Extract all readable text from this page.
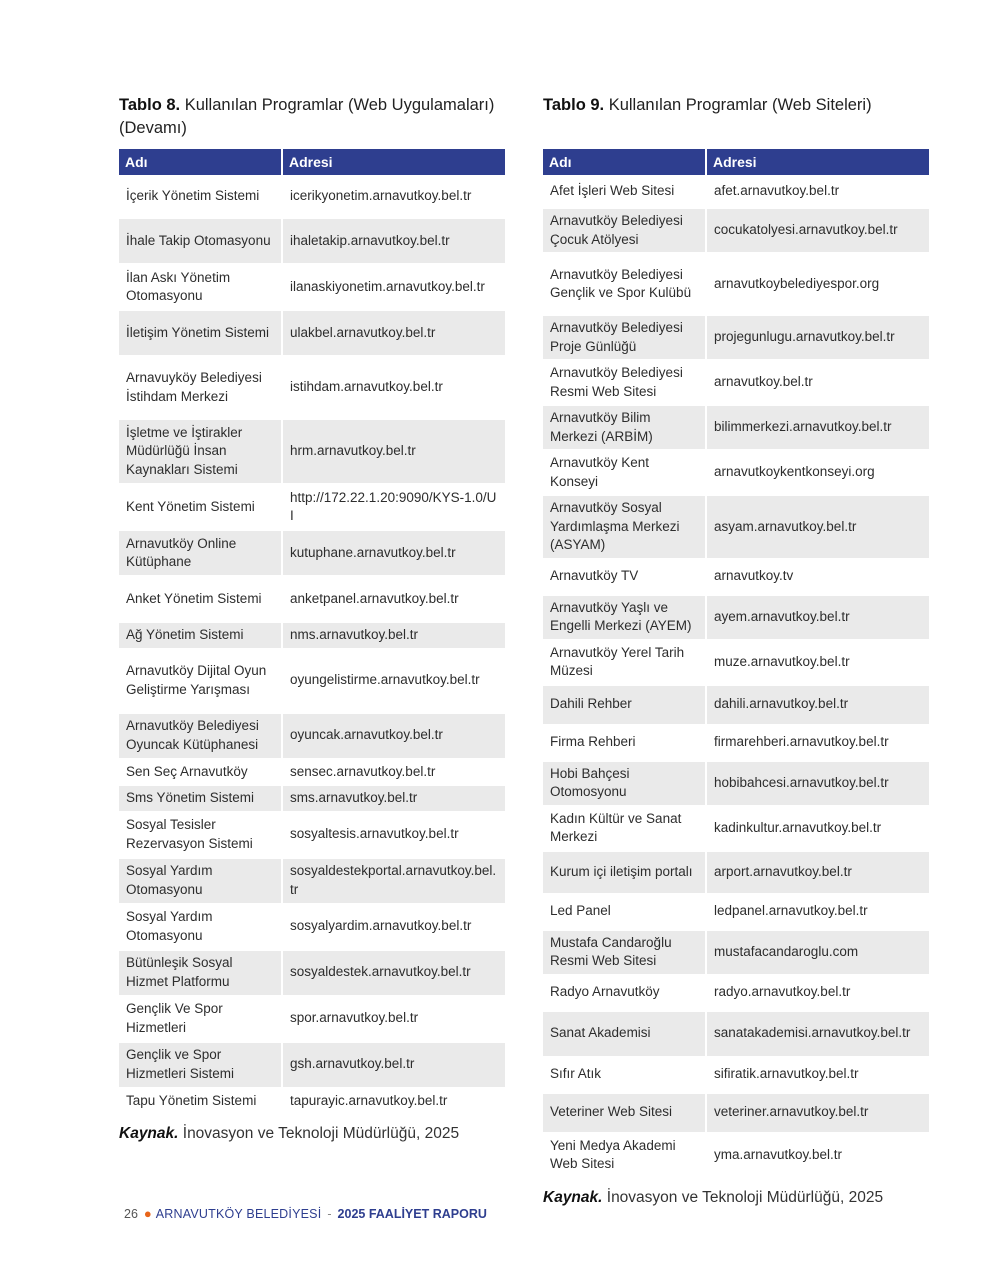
Tablo 8. Kullanılan Programlar (Web Uygulamaları) (Devamı)

Adı	Adresi
İçerik Yönetim Sistemi	icerikyonetim.arnavutkoy.bel.tr
İhale Takip Otomasyonu	ihaletakip.arnavutkoy.bel.tr
İlan Askı Yönetim Otomasyonu	ilanaskiyonetim.arnavutkoy.bel.tr
İletişim Yönetim Sistemi	ulakbel.arnavutkoy.bel.tr
Arnavuyköy Belediyesi İstihdam Merkezi	istihdam.arnavutkoy.bel.tr
İşletme ve İştirakler Müdürlüğü İnsan Kaynakları Sistemi	hrm.arnavutkoy.bel.tr
Kent Yönetim Sistemi	http://172.22.1.20:9090/KYS-1.0/UI
Arnavutköy Online Kütüphane	kutuphane.arnavutkoy.bel.tr
Anket Yönetim Sistemi	anketpanel.arnavutkoy.bel.tr
Ağ Yönetim Sistemi	nms.arnavutkoy.bel.tr
Arnavutköy Dijital Oyun Geliştirme Yarışması	oyungelistirme.arnavutkoy.bel.tr
Arnavutköy Belediyesi Oyuncak Kütüphanesi	oyuncak.arnavutkoy.bel.tr
Sen Seç Arnavutköy	sensec.arnavutkoy.bel.tr
Sms Yönetim Sistemi	sms.arnavutkoy.bel.tr
Sosyal Tesisler Rezervasyon Sistemi	sosyaltesis.arnavutkoy.bel.tr
Sosyal Yardım Otomasyonu	sosyaldestekportal.arnavutkoy.bel.tr
Sosyal Yardım Otomasyonu	sosyalyardim.arnavutkoy.bel.tr
Bütünleşik Sosyal Hizmet Platformu	sosyaldestek.arnavutkoy.bel.tr
Gençlik Ve Spor Hizmetleri	spor.arnavutkoy.bel.tr
Gençlik ve Spor Hizmetleri Sistemi	gsh.arnavutkoy.bel.tr
Tapu Yönetim Sistemi	tapurayic.arnavutkoy.bel.tr
Kaynak. İnovasyon ve Teknoloji Müdürlüğü, 2025

Tablo 9. Kullanılan Programlar (Web Siteleri)

Adı	Adresi
Afet İşleri Web Sitesi	afet.arnavutkoy.bel.tr
Arnavutköy Belediyesi Çocuk Atölyesi	cocukatolyesi.arnavutkoy.bel.tr
Arnavutköy Belediyesi Gençlik ve Spor Kulübü	arnavutkoybelediyespor.org
Arnavutköy Belediyesi Proje Günlüğü	projegunlugu.arnavutkoy.bel.tr
Arnavutköy Belediyesi Resmi Web Sitesi	arnavutkoy.bel.tr
Arnavutköy Bilim Merkezi (ARBİM)	bilimmerkezi.arnavutkoy.bel.tr
Arnavutköy Kent Konseyi	arnavutkoykentkonseyi.org
Arnavutköy Sosyal Yardımlaşma Merkezi (ASYAM)	asyam.arnavutkoy.bel.tr
Arnavutköy TV	arnavutkoy.tv
Arnavutköy Yaşlı ve Engelli Merkezi (AYEM)	ayem.arnavutkoy.bel.tr
Arnavutköy Yerel Tarih Müzesi	muze.arnavutkoy.bel.tr
Dahili Rehber	dahili.arnavutkoy.bel.tr
Firma Rehberi	firmarehberi.arnavutkoy.bel.tr
Hobi Bahçesi Otomosyonu	hobibahcesi.arnavutkoy.bel.tr
Kadın Kültür ve Sanat Merkezi	kadinkultur.arnavutkoy.bel.tr
Kurum içi iletişim portalı	arport.arnavutkoy.bel.tr
Led Panel	ledpanel.arnavutkoy.bel.tr
Mustafa Candaroğlu Resmi Web Sitesi	mustafacandaroglu.com
Radyo Arnavutköy	radyo.arnavutkoy.bel.tr
Sanat Akademisi	sanatakademisi.arnavutkoy.bel.tr
Sıfır Atık	sifiratik.arnavutkoy.bel.tr
Veteriner Web Sitesi	veteriner.arnavutkoy.bel.tr
Yeni Medya Akademi Web Sitesi	yma.arnavutkoy.bel.tr
Kaynak. İnovasyon ve Teknoloji Müdürlüğü, 2025
26 ● ARNAVUTKÖY BELEDİYESİ - 2025 FAALİYET RAPORU
